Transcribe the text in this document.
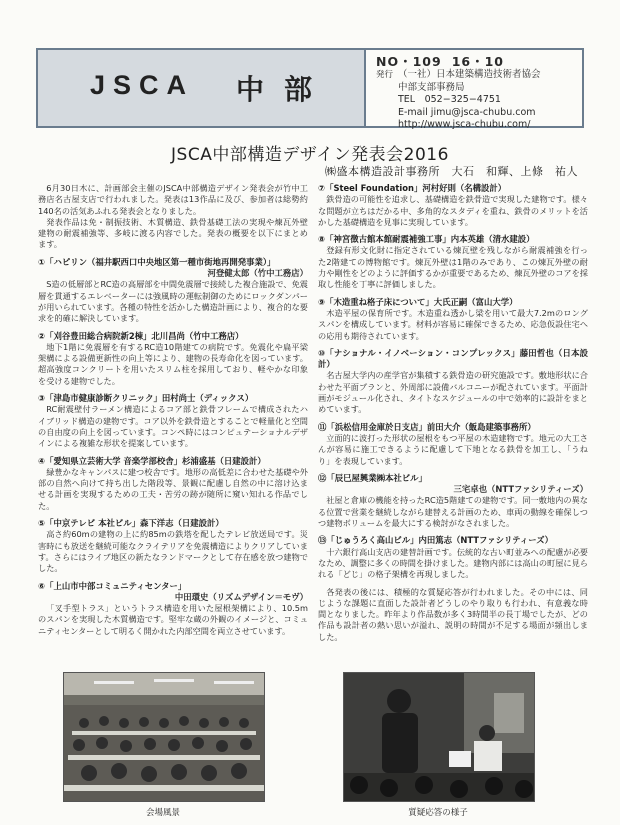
JSCA 中部
NO・109 16・10
発行 （一社）日本建築構造技術者協会
中部支部事務局
TEL　052−325−4751
E-mail jimu@jsca-chubu.com
http://www.jsca-chubu.com/
JSCA中部構造デザイン発表会2016
㈱盛本構造設計事務所　大石　和輝、上條　祐人

6月30日木に、計画部会主催のJSCA中部構造デザイン発表会が竹中工務店名古屋支店で行われました。発表は13作品に及び、参加者は総勢約140名の活気あふれる発表会となりました。

発表作品は免・制振技術、木質構造、鉄骨基礎工法の実現や煉瓦外壁建物の耐震補強等、多岐に渡る内容でした。発表の概要を以下にまとめます。

①「ハピリン（福井駅西口中央地区第一種市街地再開発事業）」
河登健太郎（竹中工務店）

S造の低層部とRC造の高層部を中間免震層で接続した複合施設で、免震層を貫通するエレベーターには強風時の運転制御のためにロックダンパーが用いられています。各種の特性を活かした構造計画により、複合的な要求を的確に解決しています。

②「刈谷豊田総合病院新2棟」北川昌尚（竹中工務店）

地下1階に免震層を有するRC造10階建ての病院です。免震化や扁平梁架構による設備更新性の向上等により、建物の長寿命化を図っています。超高強度コンクリートを用いたスリム柱を採用しており、軽やかな印象を受ける建物でした。

③「津島市健康診断クリニック」田村尚士（ディックス）

RC耐震壁付ラーメン構造によるコア部と鉄骨フレームで構成されたハイブリッド構造の建物です。コア以外を鉄骨造とすることで軽量化と空間の自由度の向上を図っています。コンペ時にはコンピュテーショナルデザインによる複雑な形状を提案しています。

④「愛知県立芸術大学 音楽学部校舎」杉浦盛基（日建設計）

緑豊かなキャンパスに建つ校舎です。地形の高低差に合わせた基礎や外部の自然へ向けて持ち出した階段等、景観に配慮し自然の中に溶け込ませる計画を実現するための工夫・苦労の跡が随所に窺い知れる作品でした。

⑤「中京テレビ 本社ビル」森下洋志（日建設計）

高さ約60mの建物の上に約85mの鉄塔を配したテレビ放送局です。災害時にも放送を継続可能なクライテリアを免震構造によりクリアしています。さらにはライブ地区の新たなランドマークとして存在感を放つ建物でした。

⑥「上山市中部コミュニティセンター」
中田環史（リズムデザイン＝モヴ）

「叉手型トラス」というトラス構造を用いた屋根架構により、10.5mのスパンを実現した木質構造です。堅牢な蔵の外観のイメージと、コミュニティセンターとして明るく開かれた内部空間を両立させています。

⑦「Steel Foundation」河村好則（名構設計）

鉄骨造の可能性を追求し、基礎構造を鉄骨造で実現した建物です。様々な問題が立ちはだかる中、多角的なスタディを重ね、鉄骨のメリットを活かした基礎構造を見事に実現しています。

⑧「神宮徴古館本館耐震補強工事」内本英雄（清水建設）

登録有形文化財に指定されている煉瓦壁を残しながら耐震補強を行った2階建ての博物館です。煉瓦外壁は1階のみであり、この煉瓦外壁の耐力や剛性をどのように評価するかが重要であるため、煉瓦外壁のコアを採取し性能を丁寧に評価しました。

⑨「木造重ね格子床について」大氏正嗣（富山大学）

木造平屋の保育所です。木造重ね透かし梁を用いて最大7.2mのロングスパンを構成しています。材料が容易に確保できるため、応急仮設住宅への応用も期待されています。

⑩「ナショナル・イノベーション・コンプレックス」藤田哲也（日本設計）

名古屋大学内の産学官が集積する鉄骨造の研究施設です。敷地形状に合わせた平面プランと、外周部に設備バルコニーが配されています。平面計画がモジュール化され、タイトなスケジュールの中で効率的に設計をまとめています。

⑪「浜松信用金庫於日支店」前田大介（飯島建築事務所）

立面的に波打った形状の屋根をもつ平屋の木造建物です。地元の大工さんが容易に施工できるように配慮して下地となる鉄骨を加工し、「うねり」を表現しています。

⑫「辰巳屋興業㈱本社ビル」
三宅卓也（NTTファシリティーズ）

社屋と倉庫の機能を持ったRC造5階建ての建物です。同一敷地内の異なる位置で営業を継続しながら建替える計画のため、車両の動線を確保しつつ建物ボリュームを最大にする検討がなされました。

⑬「じゅうろく高山ビル」内田篤志（NTTファシリティーズ）

十六銀行高山支店の建替計画です。伝統的な古い町並みへの配慮が必要なため、調整に多くの時間を掛けました。建物内部には高山の町屋に見られる「どじ」の格子架構を再現しました。

各発表の後には、積極的な質疑応答が行われました。その中には、同じような課題に直面した設計者どうしのやり取りも行われ、有意義な時間となりました。昨年より作品数が多く3時間半の長丁場でしたが、どの作品も設計者の熱い思いが溢れ、説明の時間が不足する場面が頻出しました。

会場風景	質疑応答の様子
